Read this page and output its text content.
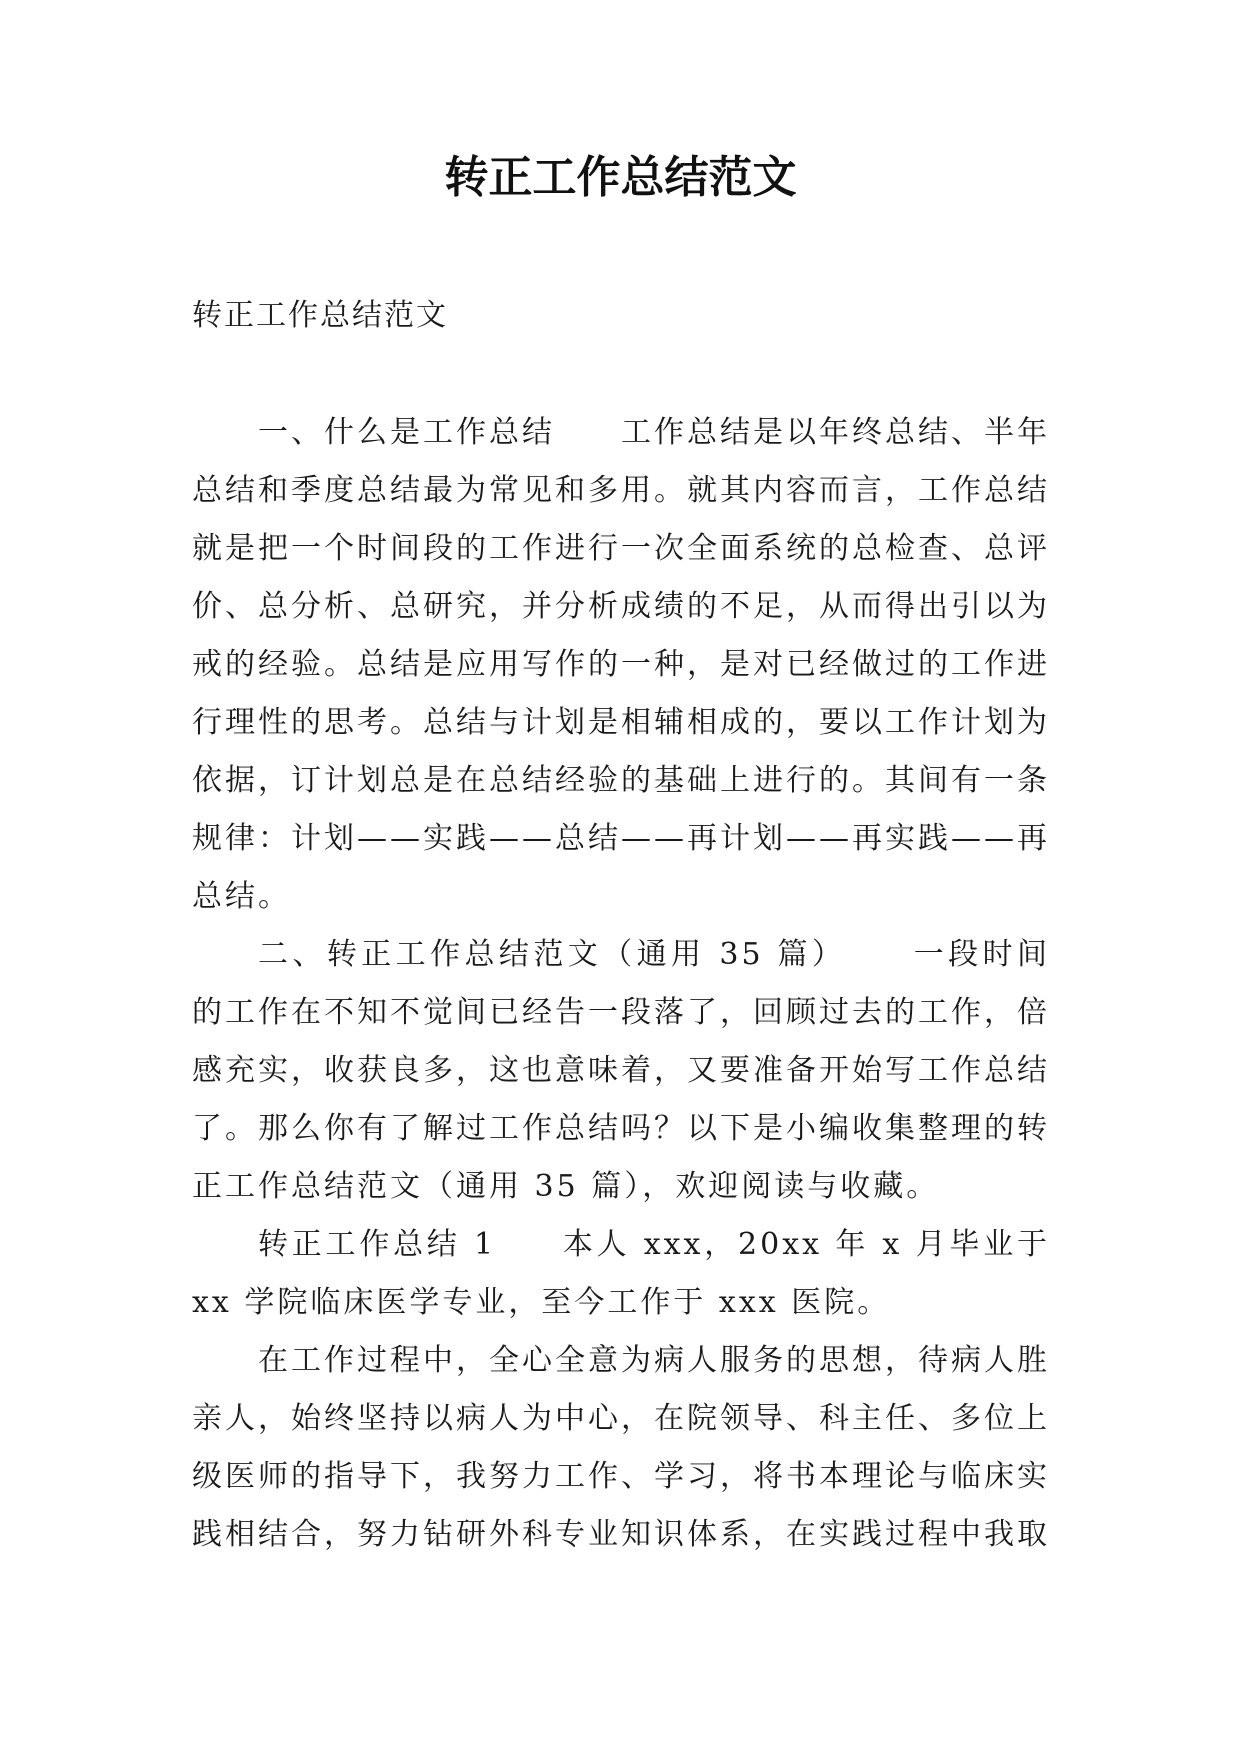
转正工作总结范文

转正工作总结范文

一、什么是工作总结 工作总结是以年终总结、半年总结和季度总结最为常见和多用。就其内容而言，工作总结就是把一个时间段的工作进行一次全面系统的总检查、总评价、总分析、总研究，并分析成绩的不足，从而得出引以为戒的经验。总结是应用写作的一种，是对已经做过的工作进行理性的思考。总结与计划是相辅相成的，要以工作计划为依据，订计划总是在总结经验的基础上进行的。其间有一条规律：计划——实践——总结——再计划——再实践——再总结。

二、转正工作总结范文（通用 35 篇） 一段时间的工作在不知不觉间已经告一段落了，回顾过去的工作，倍感充实，收获良多，这也意味着，又要准备开始写工作总结了。那么你有了解过工作总结吗？以下是小编收集整理的转正工作总结范文（通用 35 篇），欢迎阅读与收藏。

转正工作总结 1 本人 xxx，20xx 年 x 月毕业于 xx 学院临床医学专业，至今工作于 xxx 医院。

在工作过程中，全心全意为病人服务的思想，待病人胜亲人，始终坚持以病人为中心，在院领导、科主任、多位上级医师的指导下，我努力工作、学习，将书本理论与临床实践相结合，努力钻研外科专业知识体系，在实践过程中我取
